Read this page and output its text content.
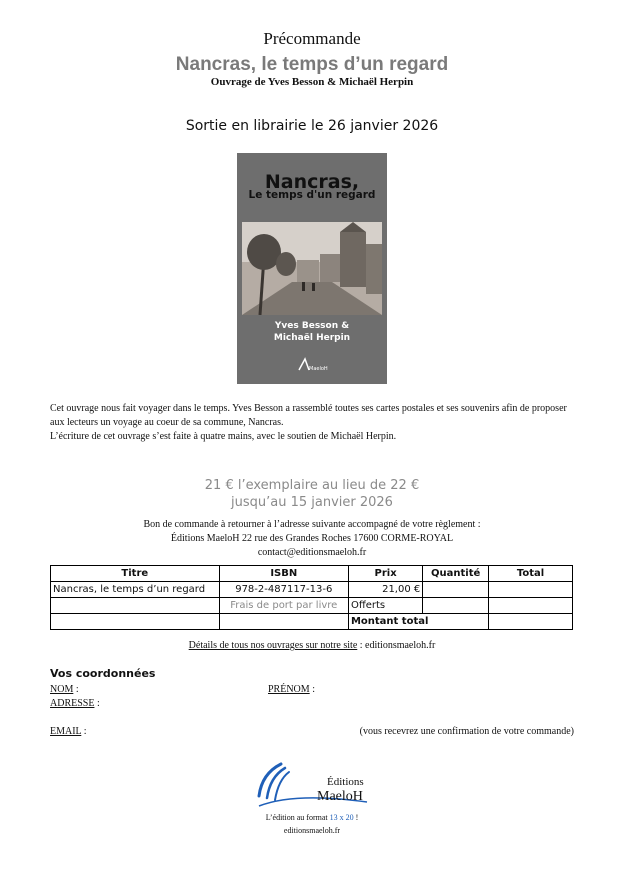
Précommande
Nancras, le temps d’un regard
Ouvrage de Yves Besson & Michaël Herpin
Sortie en librairie le 26 janvier 2026
Nancras,
Le temps d'un regard
Yves Besson &
Michaël Herpin
MaeloH
Cet ouvrage nous fait voyager dans le temps. Yves Besson a rassemblé toutes ses cartes postales et ses souvenirs afin de proposer aux lecteurs un voyage au coeur de sa commune, Nancras.
L’écriture de cet ouvrage s’est faite à quatre mains, avec le soutien de Michaël Herpin.
21 € l’exemplaire au lieu de 22 €
jusqu’au 15 janvier 2026
Bon de commande à retourner à l’adresse suivante accompagné de votre règlement :
Éditions MaeloH 22 rue des Grandes Roches 17600 CORME-ROYAL
contact@editionsmaeloh.fr
Titre	ISBN	Prix	Quantité	Total
Nancras, le temps d’un regard	978-2-487117-13-6	21,00 €		
	Frais de port par livre	Offerts		
		Montant total		
Détails de tous nos ouvrages sur notre site : editionsmaeloh.fr
Vos coordonnées
NOM :	PRÉNOM :
ADRESSE :
EMAIL :	(vous recevrez une confirmation de votre commande)
Éditions
MaeloH
L’édition au format 13 x 20 !
editionsmaeloh.fr
